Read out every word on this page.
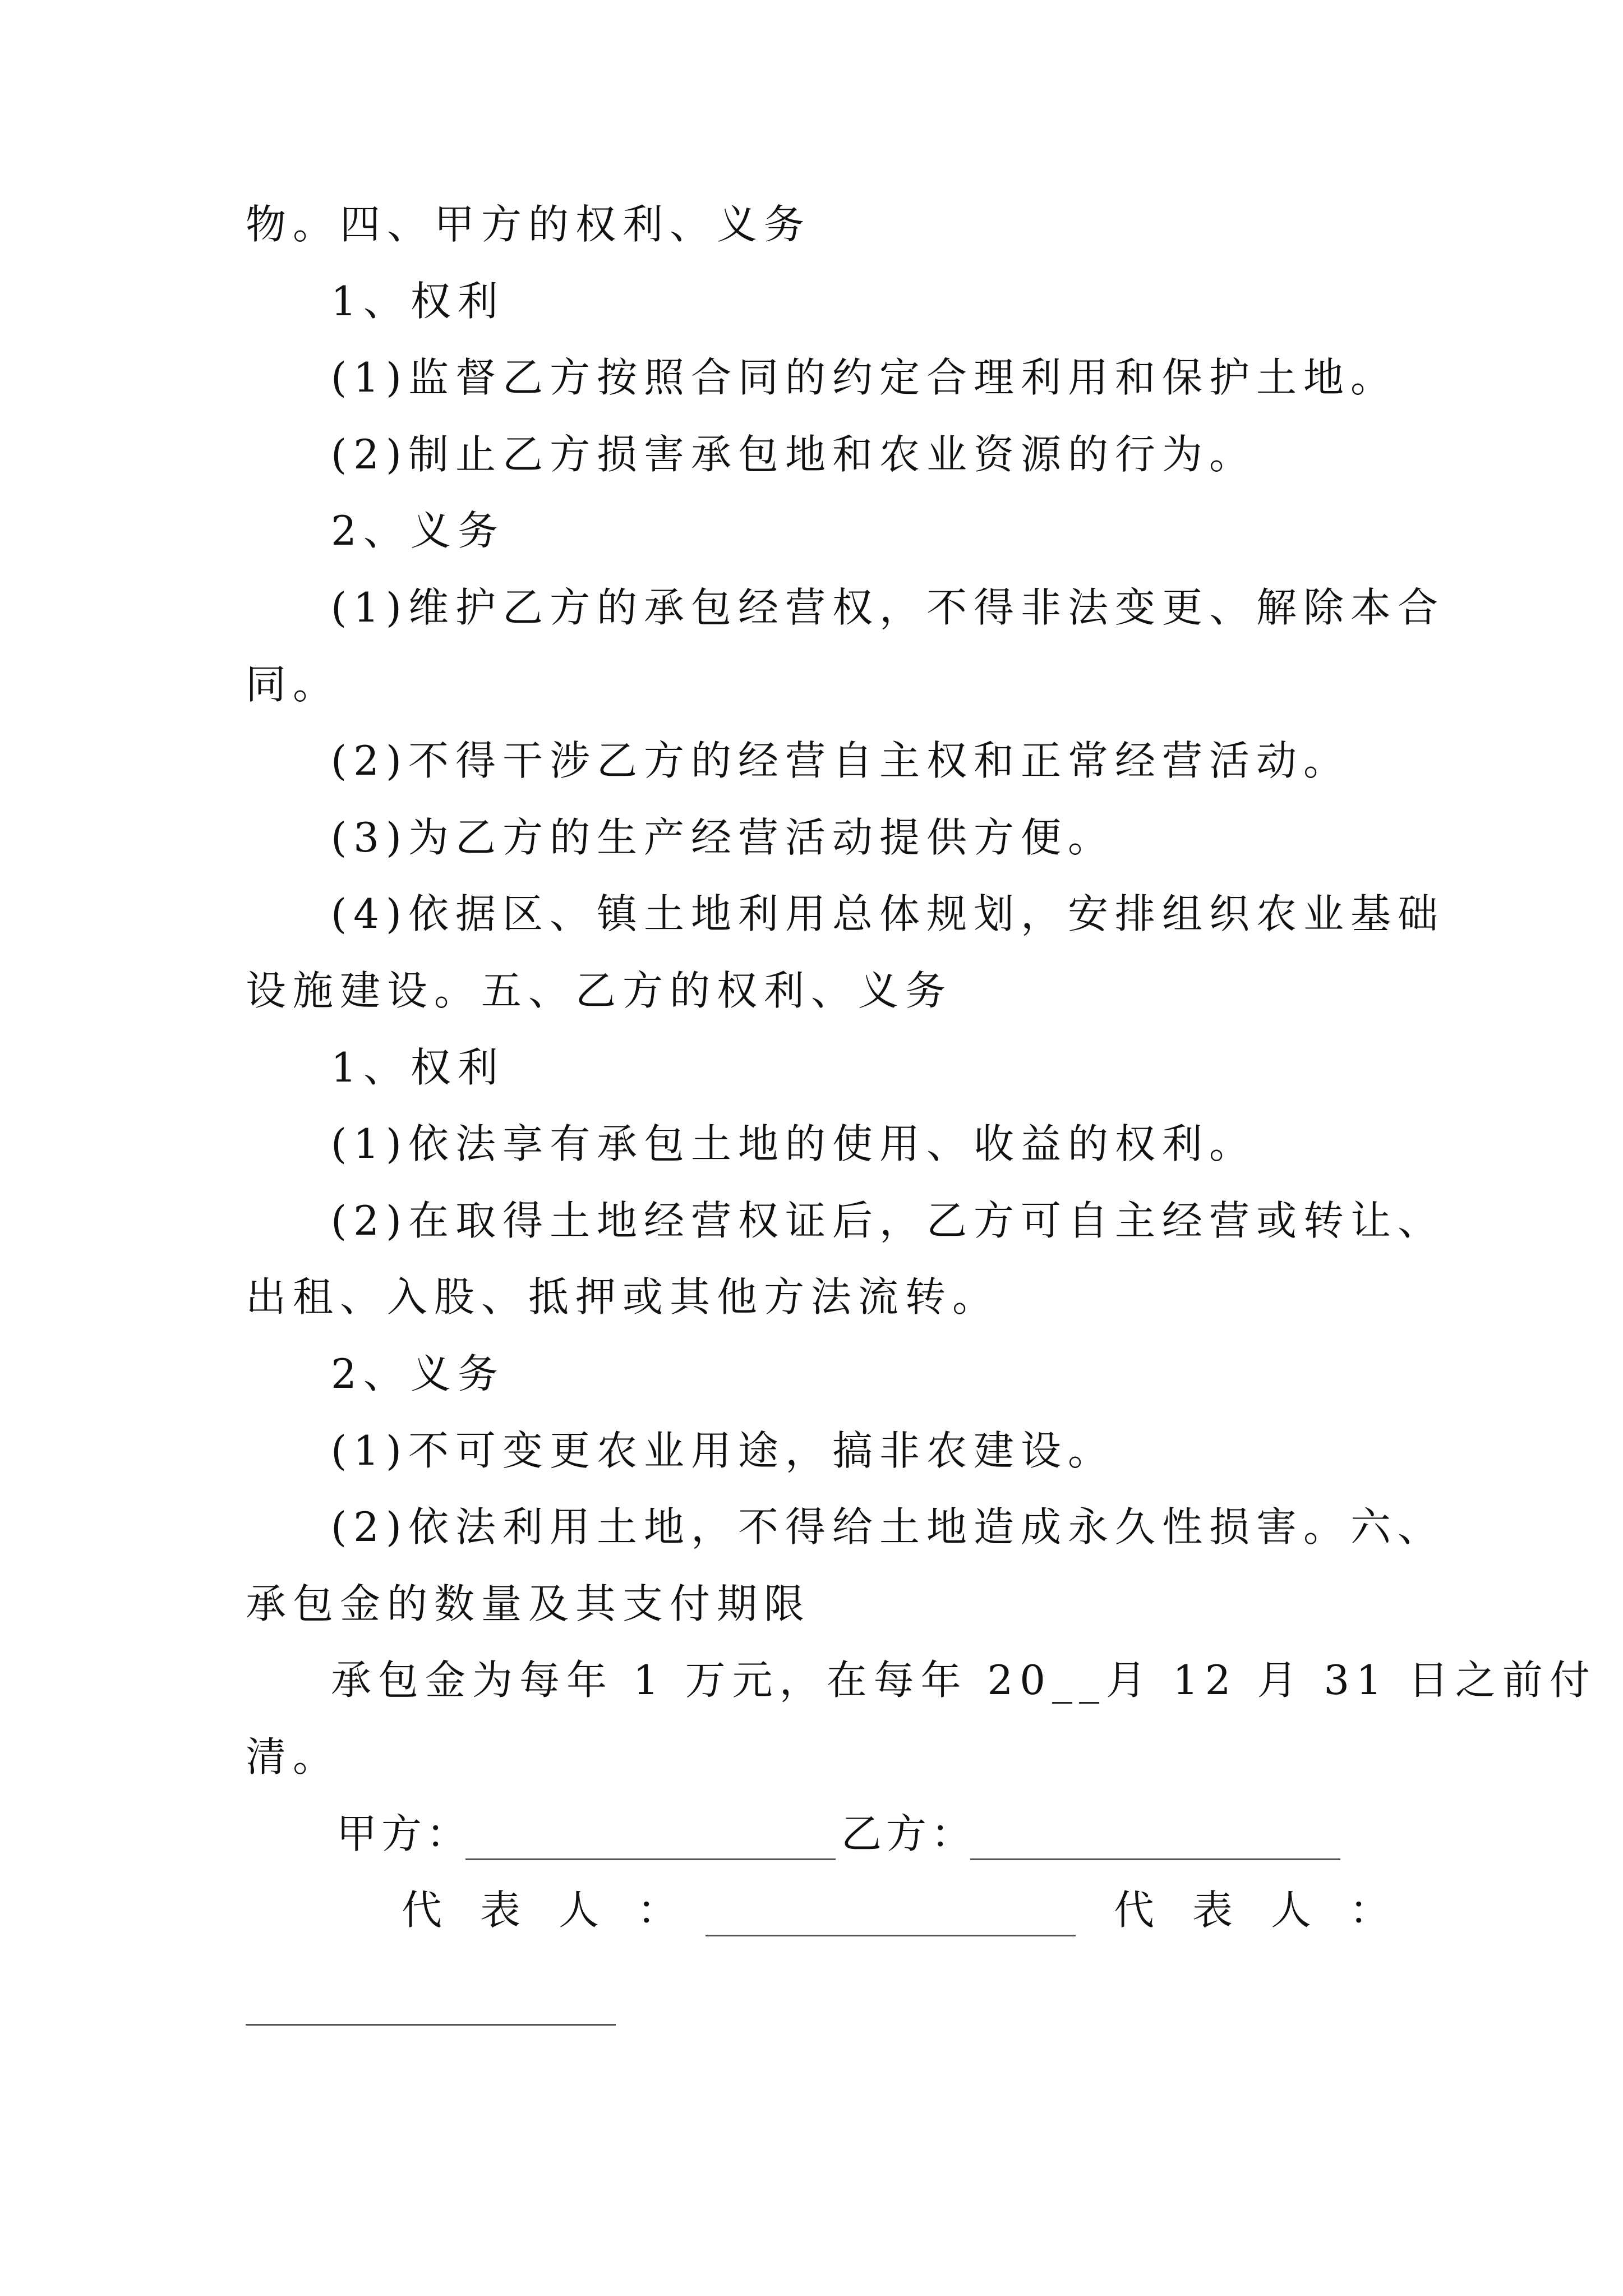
物。四、甲方的权利、义务
1、权利
(1)监督乙方按照合同的约定合理利用和保护土地。
(2)制止乙方损害承包地和农业资源的行为。
2、义务
(1)维护乙方的承包经营权，不得非法变更、解除本合
同。
(2)不得干涉乙方的经营自主权和正常经营活动。
(3)为乙方的生产经营活动提供方便。
(4)依据区、镇土地利用总体规划，安排组织农业基础
设施建设。五、乙方的权利、义务
1、权利
(1)依法享有承包土地的使用、收益的权利。
(2)在取得土地经营权证后，乙方可自主经营或转让、
出租、入股、抵押或其他方法流转。
2、义务
(1)不可变更农业用途，搞非农建设。
(2)依法利用土地，不得给土地造成永久性损害。六、
承包金的数量及其支付期限
承包金为每年 1 万元，在每年 20__月 12 月 31 日之前付
清。
甲方：	乙方：
代表人：	代表人：
